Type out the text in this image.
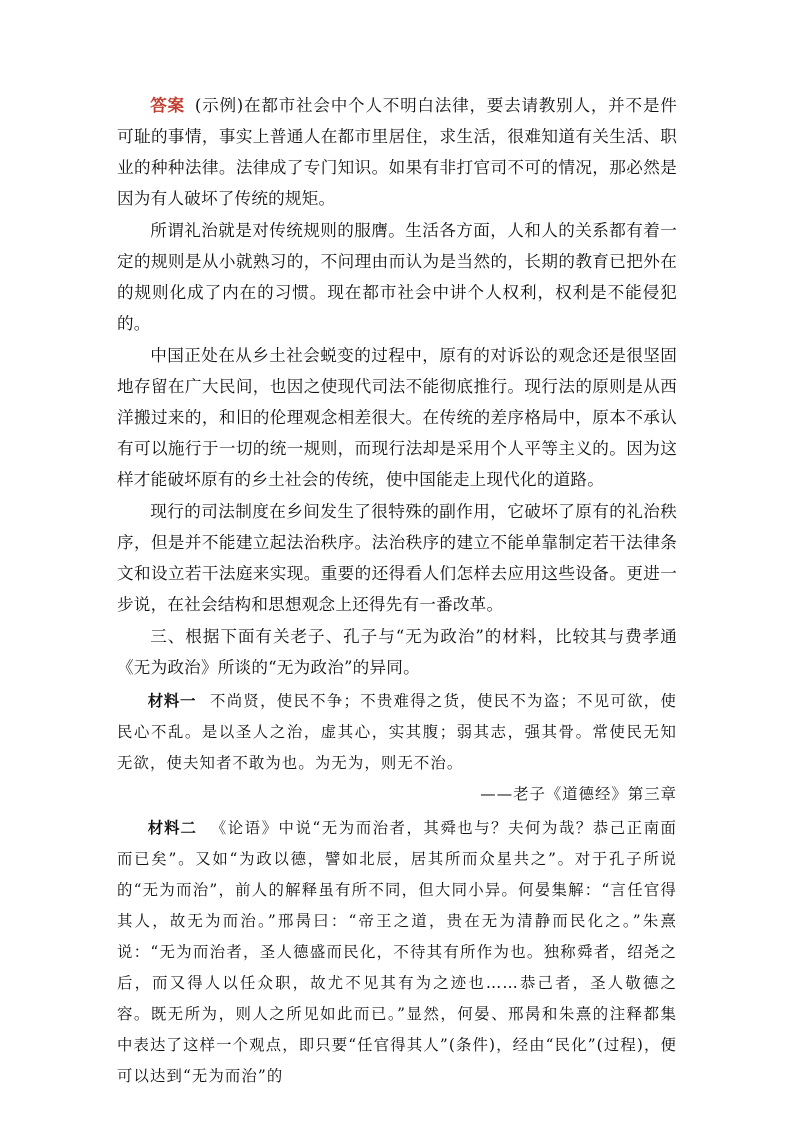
答案 (示例)在都市社会中个人不明白法律，要去请教别人，并不是件可耻的事情，事实上普通人在都市里居住，求生活，很难知道有关生活、职业的种种法律。法律成了专门知识。如果有非打官司不可的情况，那必然是因为有人破坏了传统的规矩。

所谓礼治就是对传统规则的服膺。生活各方面，人和人的关系都有着一定的规则是从小就熟习的，不问理由而认为是当然的，长期的教育已把外在的规则化成了内在的习惯。现在都市社会中讲个人权利，权利是不能侵犯的。

中国正处在从乡土社会蜕变的过程中，原有的对诉讼的观念还是很坚固地存留在广大民间，也因之使现代司法不能彻底推行。现行法的原则是从西洋搬过来的，和旧的伦理观念相差很大。在传统的差序格局中，原本不承认有可以施行于一切的统一规则，而现行法却是采用个人平等主义的。因为这样才能破坏原有的乡土社会的传统，使中国能走上现代化的道路。

现行的司法制度在乡间发生了很特殊的副作用，它破坏了原有的礼治秩序，但是并不能建立起法治秩序。法治秩序的建立不能单靠制定若干法律条文和设立若干法庭来实现。重要的还得看人们怎样去应用这些设备。更进一步说，在社会结构和思想观念上还得先有一番改革。

三、根据下面有关老子、孔子与“无为政治”的材料，比较其与费孝通《无为政治》所谈的“无为政治”的异同。

材料一 不尚贤，使民不争；不贵难得之货，使民不为盗；不见可欲，使民心不乱。是以圣人之治，虚其心，实其腹；弱其志，强其骨。常使民无知无欲，使夫知者不敢为也。为无为，则无不治。

——老子《道德经》第三章

材料二 《论语》中说“无为而治者，其舜也与？夫何为哉？恭己正南面而已矣”。又如“为政以德，譬如北辰，居其所而众星共之”。对于孔子所说的“无为而治”，前人的解释虽有所不同，但大同小异。何晏集解：“言任官得其人，故无为而治。”邢昺曰：“帝王之道，贵在无为清静而民化之。”朱熹说：“无为而治者，圣人德盛而民化，不待其有所作为也。独称舜者，绍尧之后，而又得人以任众职，故尤不见其有为之迹也……恭己者，圣人敬德之容。既无所为，则人之所见如此而已。”显然，何晏、邢昺和朱熹的注释都集中表达了这样一个观点，即只要“任官得其人”(条件)，经由“民化”(过程)，便可以达到“无为而治”的
